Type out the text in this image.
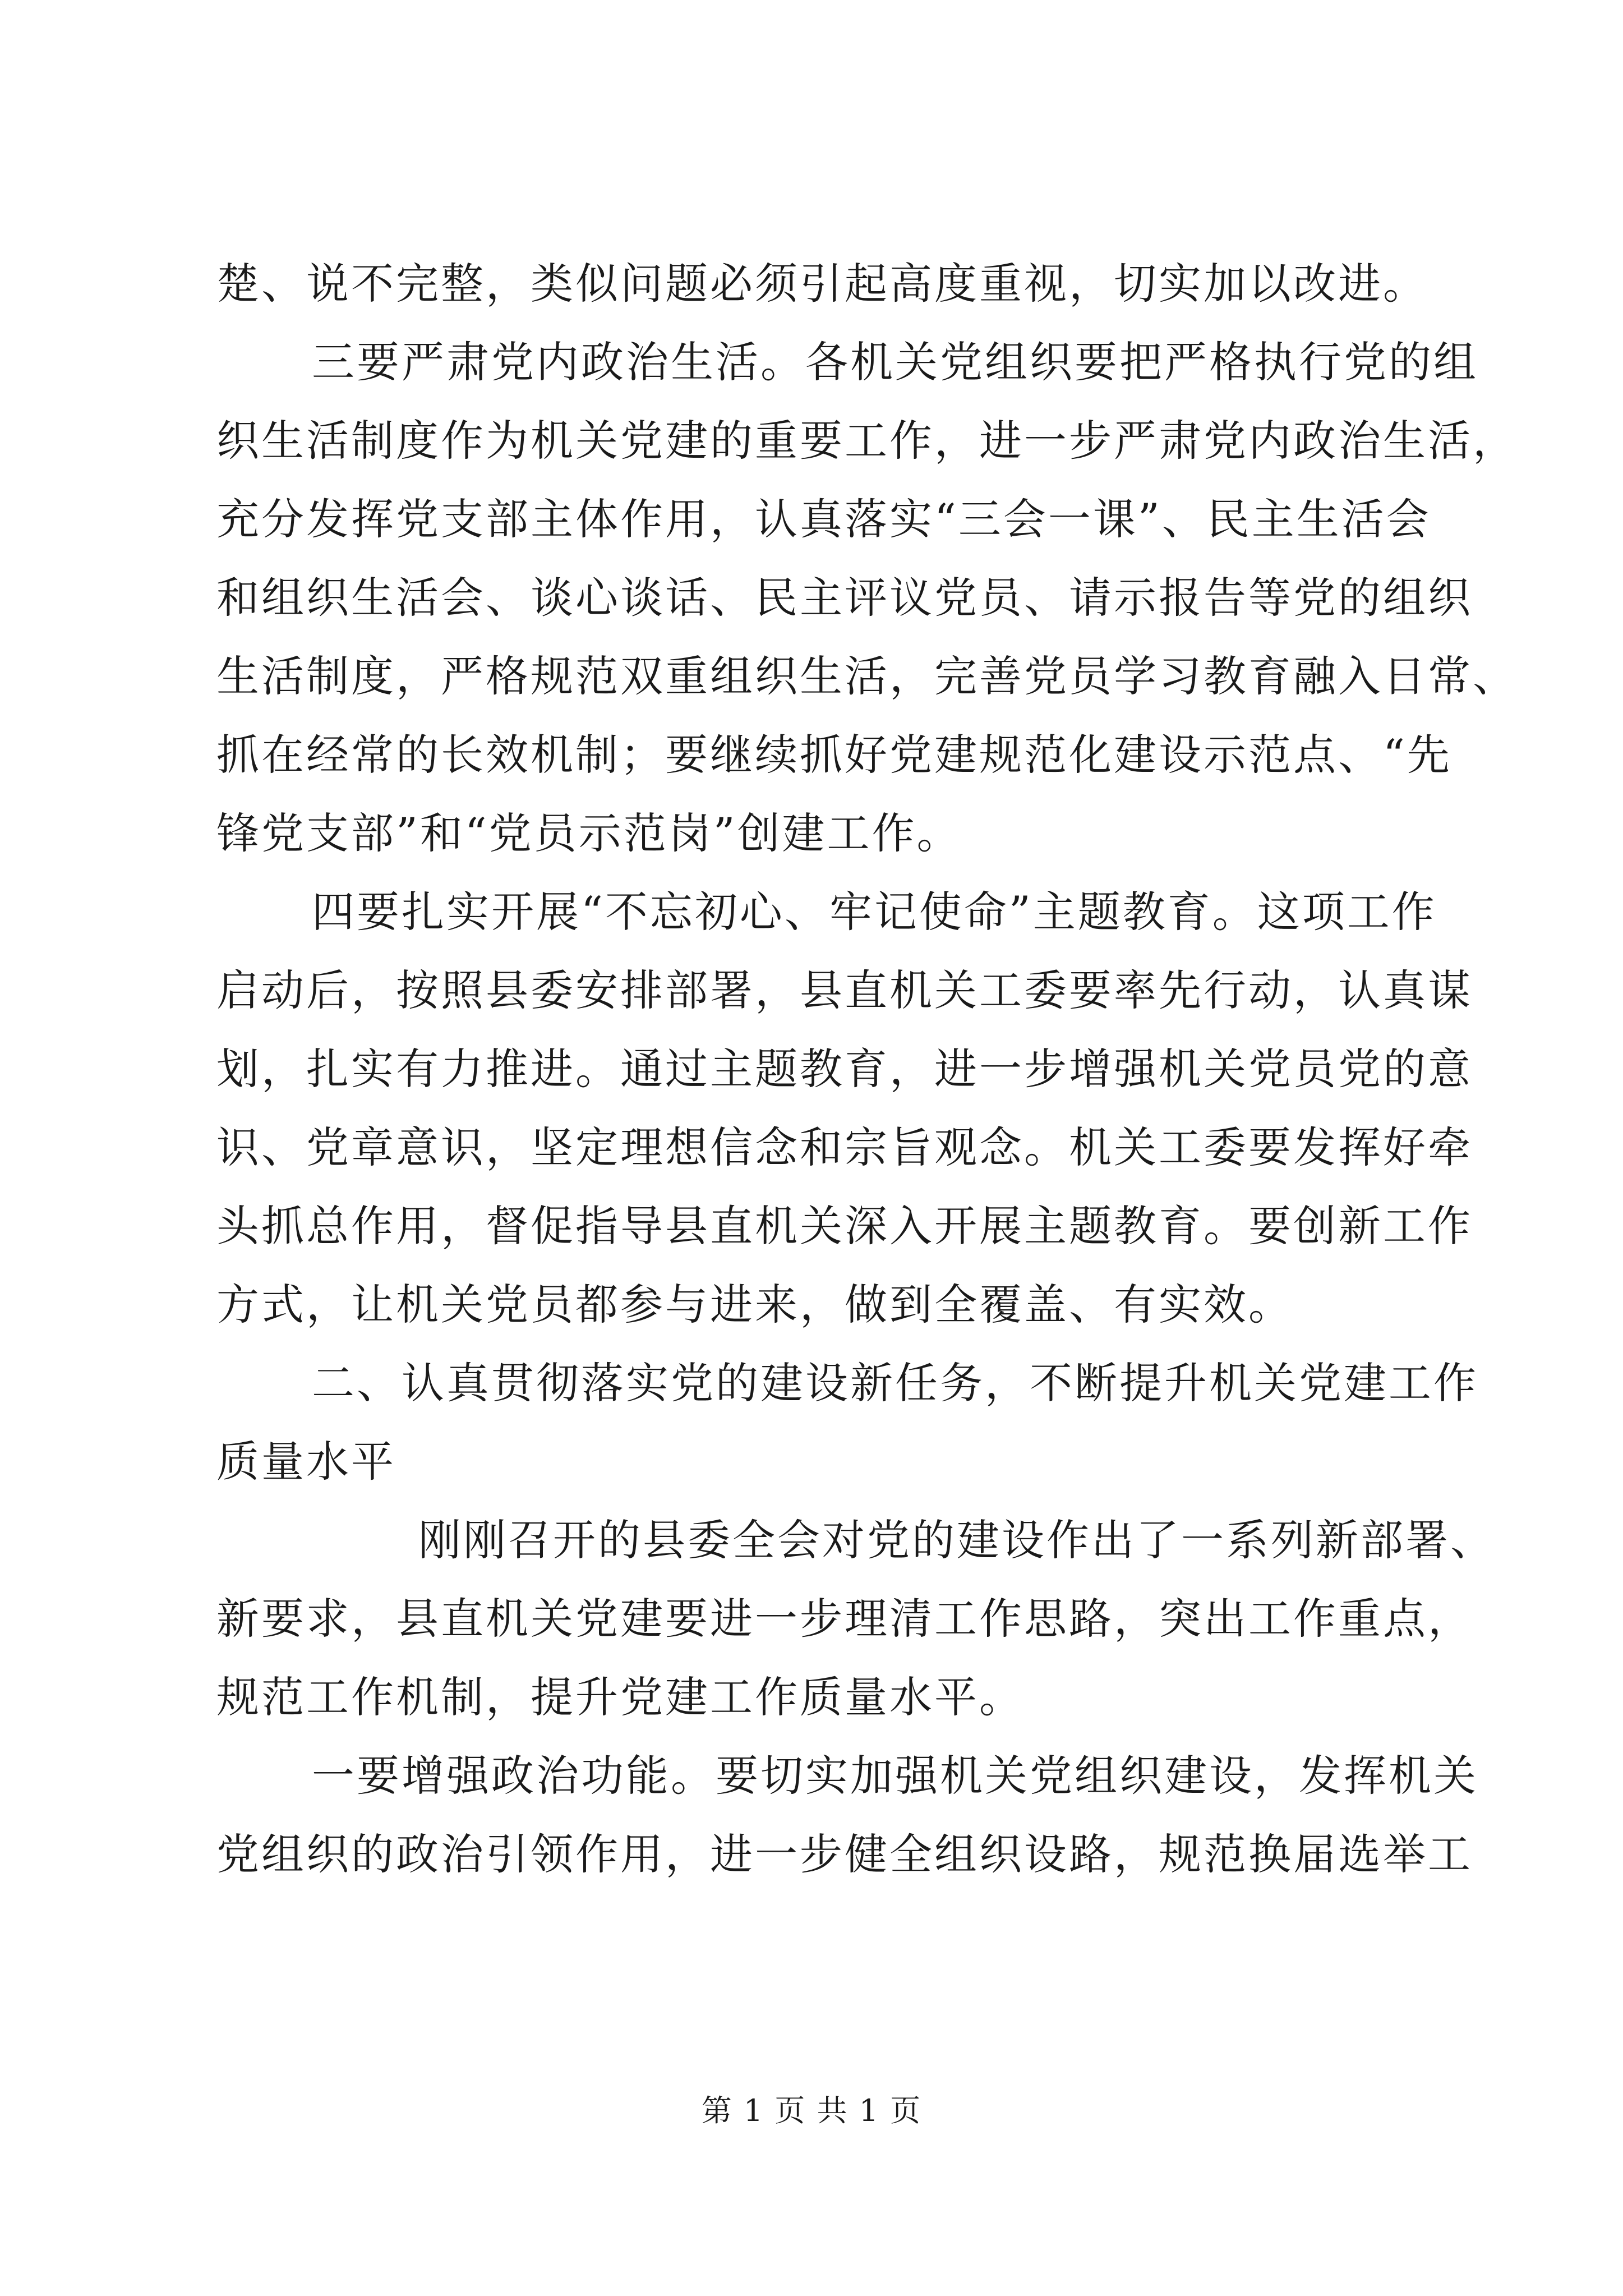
楚、说不完整，类似问题必须引起高度重视，切实加以改进。
三要严肃党内政治生活。各机关党组织要把严格执行党的组
织生活制度作为机关党建的重要工作，进一步严肃党内政治生活，
充分发挥党支部主体作用，认真落实“三会一课”、民主生活会
和组织生活会、谈心谈话、民主评议党员、请示报告等党的组织
生活制度，严格规范双重组织生活，完善党员学习教育融入日常、
抓在经常的长效机制；要继续抓好党建规范化建设示范点、“先
锋党支部”和“党员示范岗”创建工作。
四要扎实开展“不忘初心、牢记使命”主题教育。这项工作
启动后，按照县委安排部署，县直机关工委要率先行动，认真谋
划，扎实有力推进。通过主题教育，进一步增强机关党员党的意
识、党章意识，坚定理想信念和宗旨观念。机关工委要发挥好牵
头抓总作用，督促指导县直机关深入开展主题教育。要创新工作
方式，让机关党员都参与进来，做到全覆盖、有实效。
二、认真贯彻落实党的建设新任务，不断提升机关党建工作
质量水平
刚刚召开的县委全会对党的建设作出了一系列新部署、
新要求，县直机关党建要进一步理清工作思路，突出工作重点，
规范工作机制，提升党建工作质量水平。
一要增强政治功能。要切实加强机关党组织建设，发挥机关
党组织的政治引领作用，进一步健全组织设路，规范换届选举工
第 1 页 共 1 页
